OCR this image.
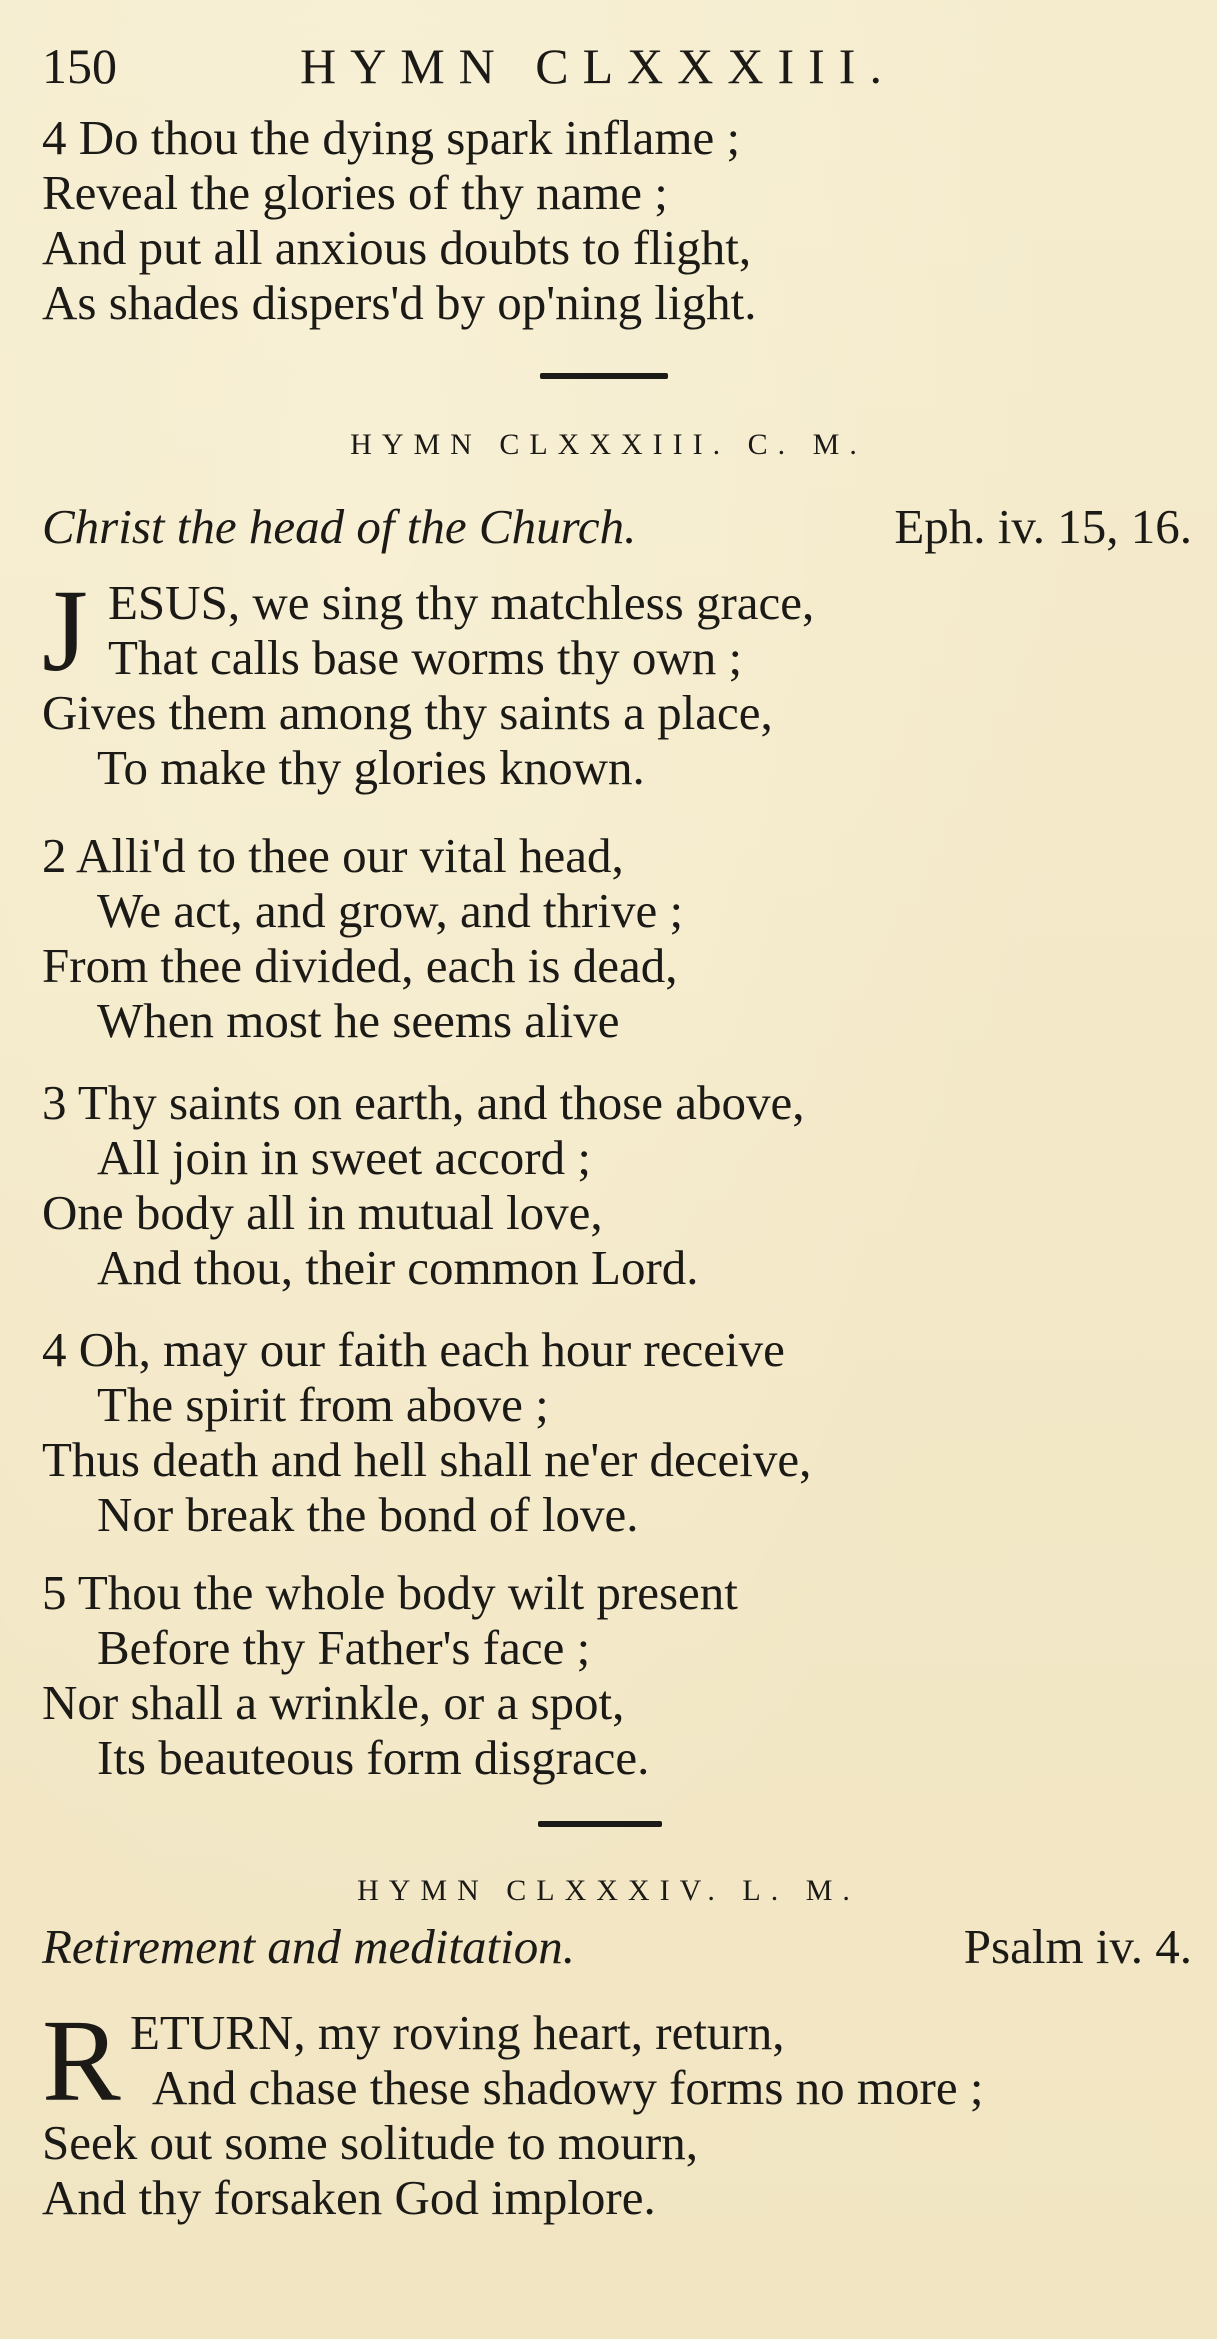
150	HYMN CLXXXIII.
4 Do thou the dying spark inflame ;
Reveal the glories of thy name ;
And put all anxious doubts to flight,
As shades dispers'd by op'ning light.
HYMN CLXXXIII. C. M.
Christ the head of the Church.	Eph. iv. 15, 16.
J ESUS, we sing thy matchless grace,
That calls base worms thy own ;
Gives them among thy saints a place,
To make thy glories known.
2 Alli'd to thee our vital head,
We act, and grow, and thrive ;
From thee divided, each is dead,
When most he seems alive
3 Thy saints on earth, and those above,
All join in sweet accord ;
One body all in mutual love,
And thou, their common Lord.
4 Oh, may our faith each hour receive
The spirit from above ;
Thus death and hell shall ne'er deceive,
Nor break the bond of love.
5 Thou the whole body wilt present
Before thy Father's face ;
Nor shall a wrinkle, or a spot,
Its beauteous form disgrace.
HYMN CLXXXIV. L. M.
Retirement and meditation.	Psalm iv. 4.
R ETURN, my roving heart, return,
And chase these shadowy forms no more ;
Seek out some solitude to mourn,
And thy forsaken God implore.
